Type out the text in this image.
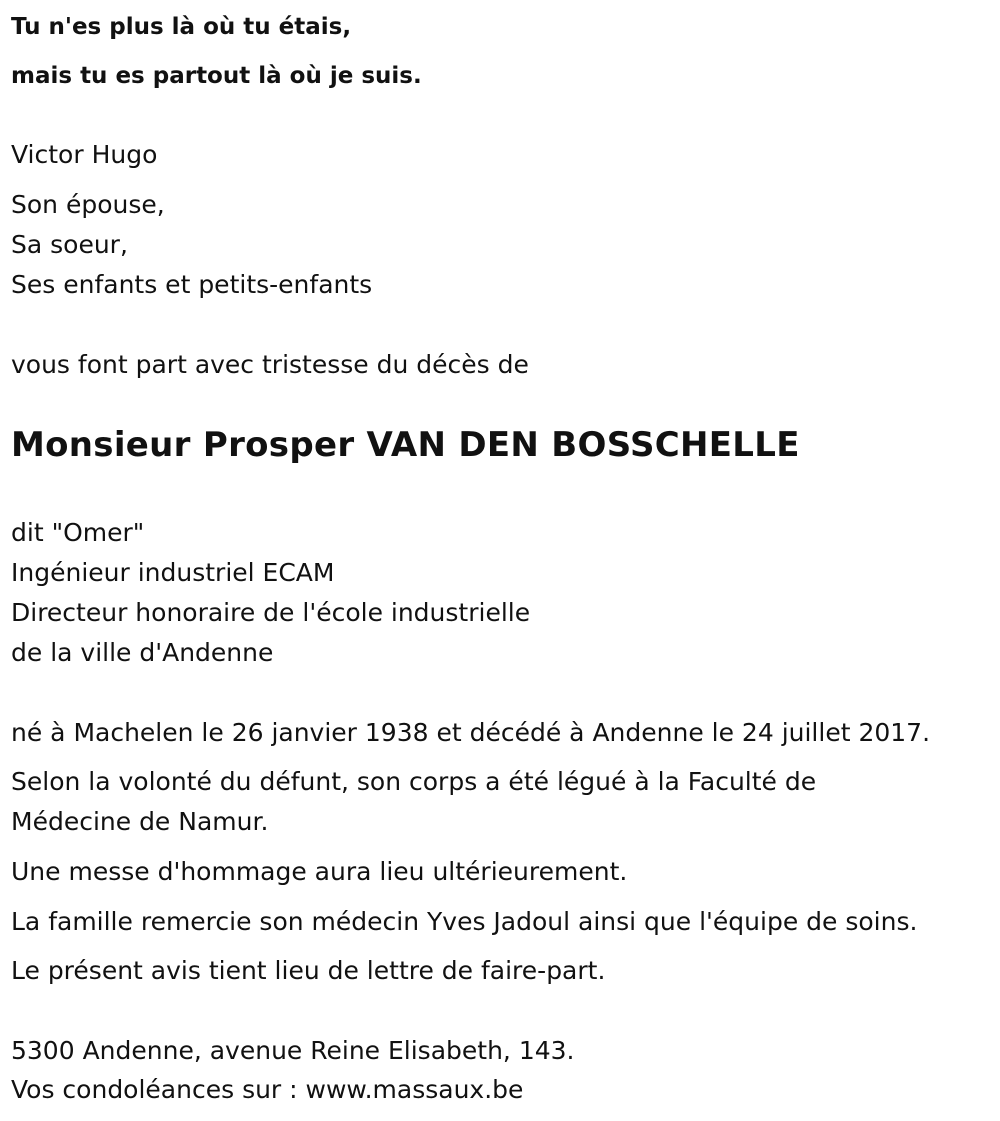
Tu n'es plus là où tu étais,
mais tu es partout là où je suis.
Victor Hugo
Son épouse,
Sa soeur,
Ses enfants et petits-enfants
vous font part avec tristesse du décès de
Monsieur Prosper VAN DEN BOSSCHELLE
dit "Omer"
Ingénieur industriel ECAM
Directeur honoraire de l'école industrielle
de la ville d'Andenne
né à Machelen le 26 janvier 1938 et décédé à Andenne le 24 juillet 2017.
Selon la volonté du défunt, son corps a été légué à la Faculté de
Médecine de Namur.
Une messe d'hommage aura lieu ultérieurement.
La famille remercie son médecin Yves Jadoul ainsi que l'équipe de soins.
Le présent avis tient lieu de lettre de faire-part.
5300 Andenne, avenue Reine Elisabeth, 143.
Vos condoléances sur : www.massaux.be
